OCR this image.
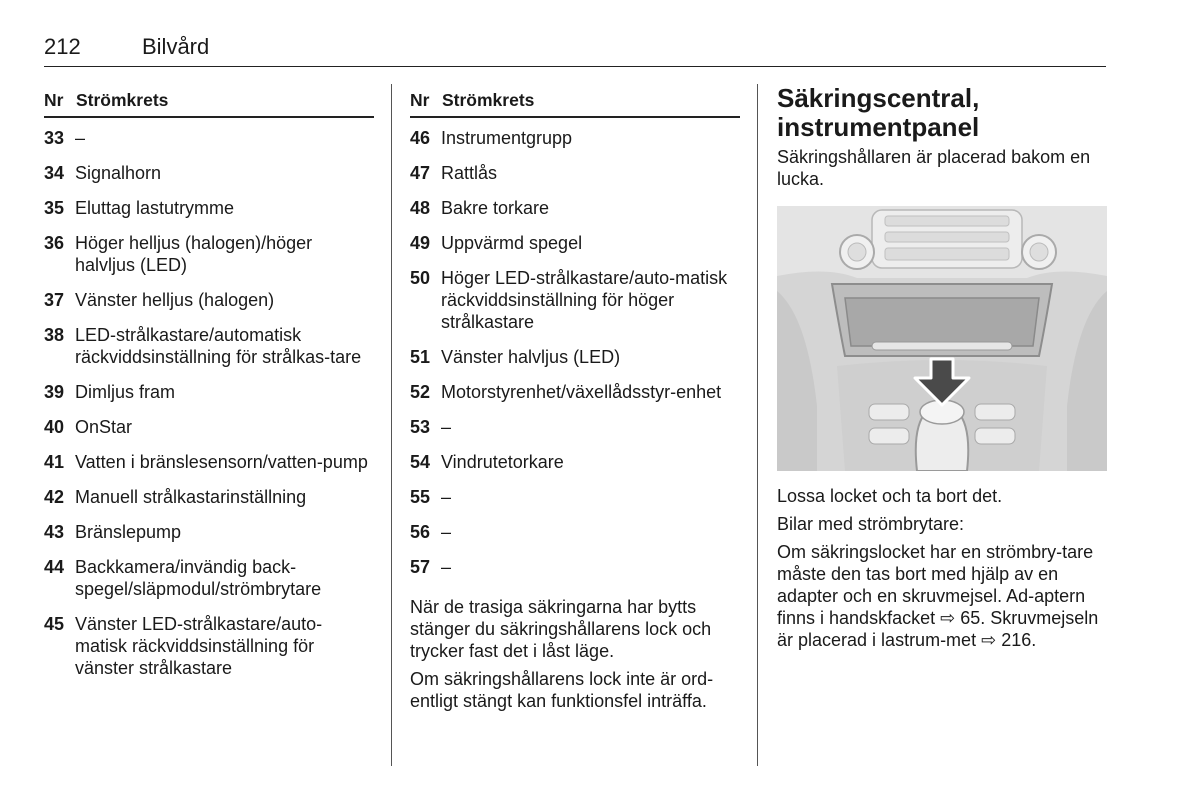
212	Bilvård
Nr Strömkrets
33 –
34 Signalhorn
35 Eluttag lastutrymme
36 Höger helljus (halogen)/höger halvljus (LED)
37 Vänster helljus (halogen)
38 LED-strålkastare/automatisk räckviddsinställning för strålkas-tare
39 Dimljus fram
40 OnStar
41 Vatten i bränslesensorn/vatten-pump
42 Manuell strålkastarinställning
43 Bränslepump
44 Backkamera/invändig back-spegel/släpmodul/strömbrytare
45 Vänster LED-strålkastare/auto-matisk räckviddsinställning för vänster strålkastare
Nr Strömkrets
46 Instrumentgrupp
47 Rattlås
48 Bakre torkare
49 Uppvärmd spegel
50 Höger LED-strålkastare/auto-matisk räckviddsinställning för höger strålkastare
51 Vänster halvljus (LED)
52 Motorstyrenhet/växellådsstyr-enhet
53 –
54 Vindrutetorkare
55 –
56 –
57 –

När de trasiga säkringarna har bytts stänger du säkringshållarens lock och trycker fast det i låst läge.

Om säkringshållarens lock inte är ord-entligt stängt kan funktionsfel inträffa.

Säkringscentral, instrumentpanel

Säkringshållaren är placerad bakom en lucka.

Lossa locket och ta bort det.

Bilar med strömbrytare:

Om säkringslocket har en strömbry-tare måste den tas bort med hjälp av en adapter och en skruvmejsel. Ad-aptern finns i handskfacket ⇨ 65. Skruvmejseln är placerad i lastrum-met ⇨ 216.
